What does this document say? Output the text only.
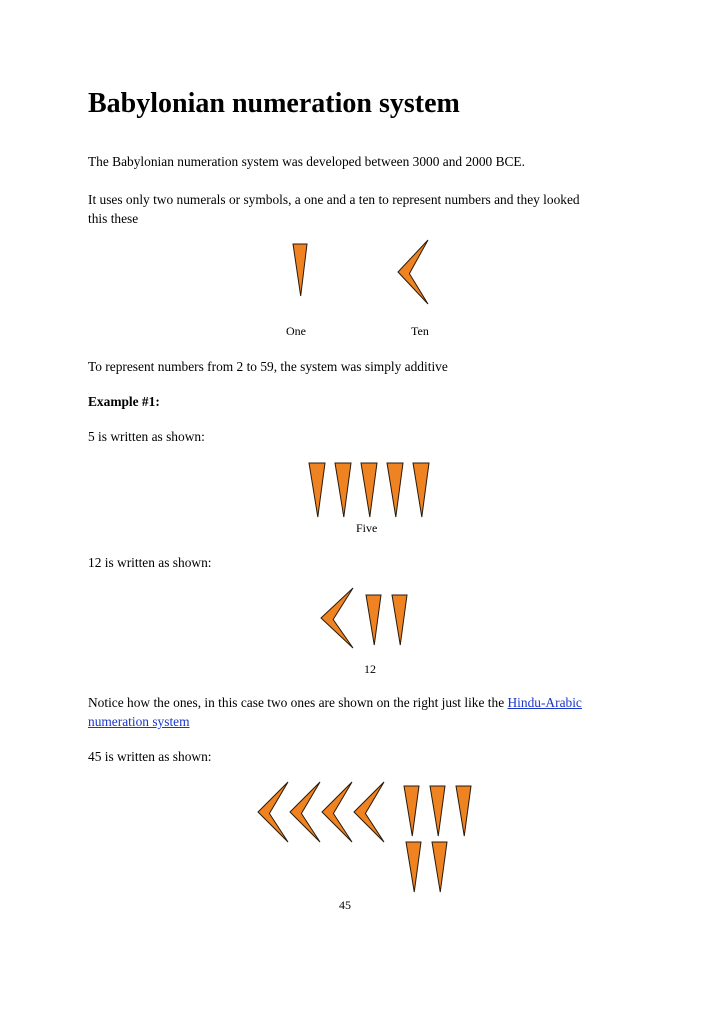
Babylonian numeration system
The Babylonian numeration system was developed between 3000 and 2000 BCE.
It uses only two numerals or symbols, a one and a ten to represent numbers and they looked
this these
To represent numbers from 2 to 59, the system was simply additive
Example #1:
5 is written as shown:
12 is written as shown:
Notice how the ones, in this case two ones are shown on the right just like the Hindu-Arabic
numeration system
45 is written as shown:
One	Ten
Five
12
45
